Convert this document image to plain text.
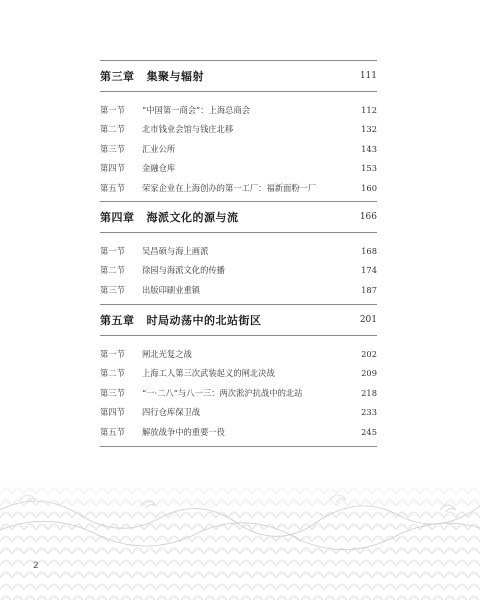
第三章 集聚与辐射	111
第一节	“中国第一商会”：上海总商会	112
第二节	北市钱业会馆与钱庄北移	132
第三节	汇业公所	143
第四节	金融仓库	153
第五节	荣家企业在上海创办的第一工厂：福新面粉一厂	160
第四章 海派文化的源与流	166
第一节	吴昌硕与海上画派	168
第二节	徐园与海派文化的传播	174
第三节	出版印刷业重镇	187
第五章 时局动荡中的北站街区	201
第一节	闸北光复之战	202
第二节	上海工人第三次武装起义的闸北决战	209
第三节	“一·二八”与八一三：两次淞沪抗战中的北站	218
第四节	四行仓库保卫战	233
第五节	解放战争中的重要一役	245
2
